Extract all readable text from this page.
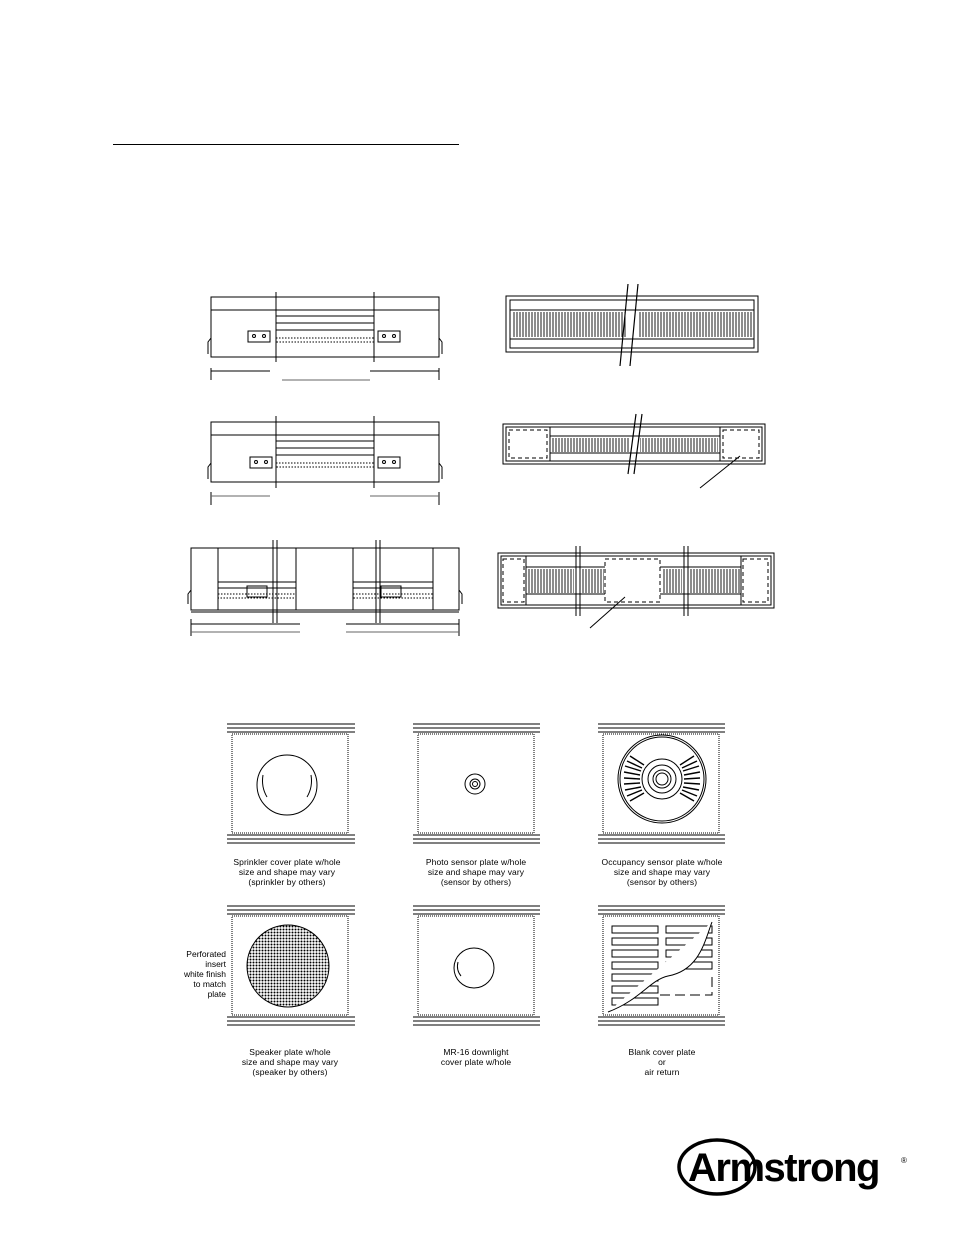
Sprinkler cover plate w/hole
size and shape may vary
(sprinkler by others)
Photo sensor plate w/hole
size and shape may vary
(sensor by others)
Occupancy sensor plate w/hole
size and shape may vary
(sensor by others)
Speaker plate w/hole
size and shape may vary
(speaker by others)
MR-16 downlight
cover plate w/hole
Blank cover plate
or
air return
Perforated
insert
white finish
to match
plate
Armstrong	®
